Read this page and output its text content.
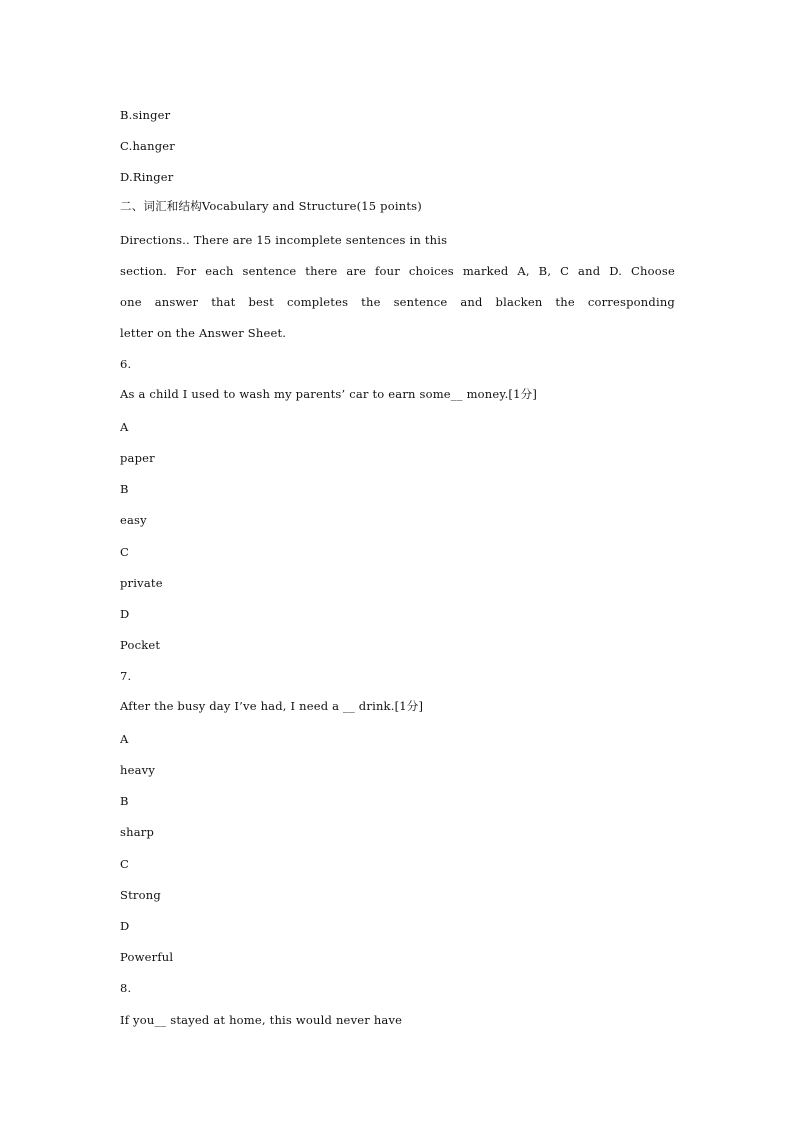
B.singer
C.hanger
D.Ringer
二、词汇和结构Vocabulary and Structure(15 points)
Directions.. There are 15 incomplete sentences in this
section. For each sentence there are four choices marked A, B, C and D. Choose
one answer that best completes the sentence and blacken the corresponding
letter on the Answer Sheet.
6.
As a child I used to wash my parents’ car to earn some__ money.[1分]
A
paper
B
easy
C
private
D
Pocket
7.
After the busy day I’ve had, I need a __ drink.[1分]
A
heavy
B
sharp
C
Strong
D
Powerful
8.
If you__ stayed at home, this would never have
